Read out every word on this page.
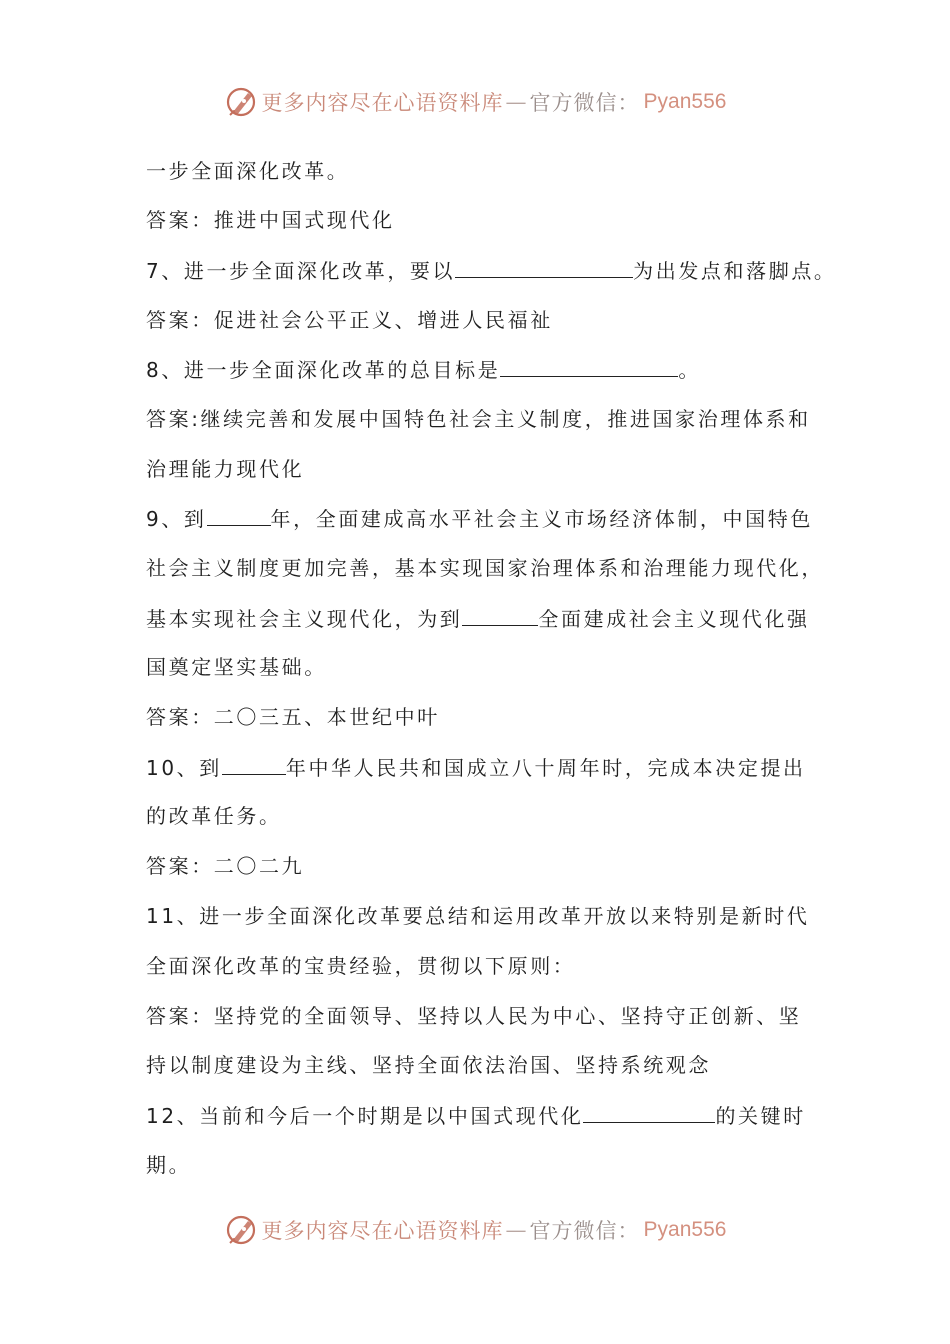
更多内容尽在心语资料库 — 官方微信： Pyan556
一步全面深化改革。
答案：推进中国式现代化
7、进一步全面深化改革，要以	为出发点和落脚点。
答案：促进社会公平正义、增进人民福祉
8、进一步全面深化改革的总目标是	。
答案:继续完善和发展中国特色社会主义制度，推进国家治理体系和
治理能力现代化
9、到	年，全面建成高水平社会主义市场经济体制，中国特色
社会主义制度更加完善，基本实现国家治理体系和治理能力现代化，
基本实现社会主义现代化，为到	全面建成社会主义现代化强
国奠定坚实基础。
答案：二〇三五、本世纪中叶
10、到	年中华人民共和国成立八十周年时，完成本决定提出
的改革任务。
答案：二〇二九
11、进一步全面深化改革要总结和运用改革开放以来特别是新时代
全面深化改革的宝贵经验，贯彻以下原则：
答案：坚持党的全面领导、坚持以人民为中心、坚持守正创新、坚
持以制度建设为主线、坚持全面依法治国、坚持系统观念
12、当前和今后一个时期是以中国式现代化	的关键时
期。
更多内容尽在心语资料库 — 官方微信： Pyan556
